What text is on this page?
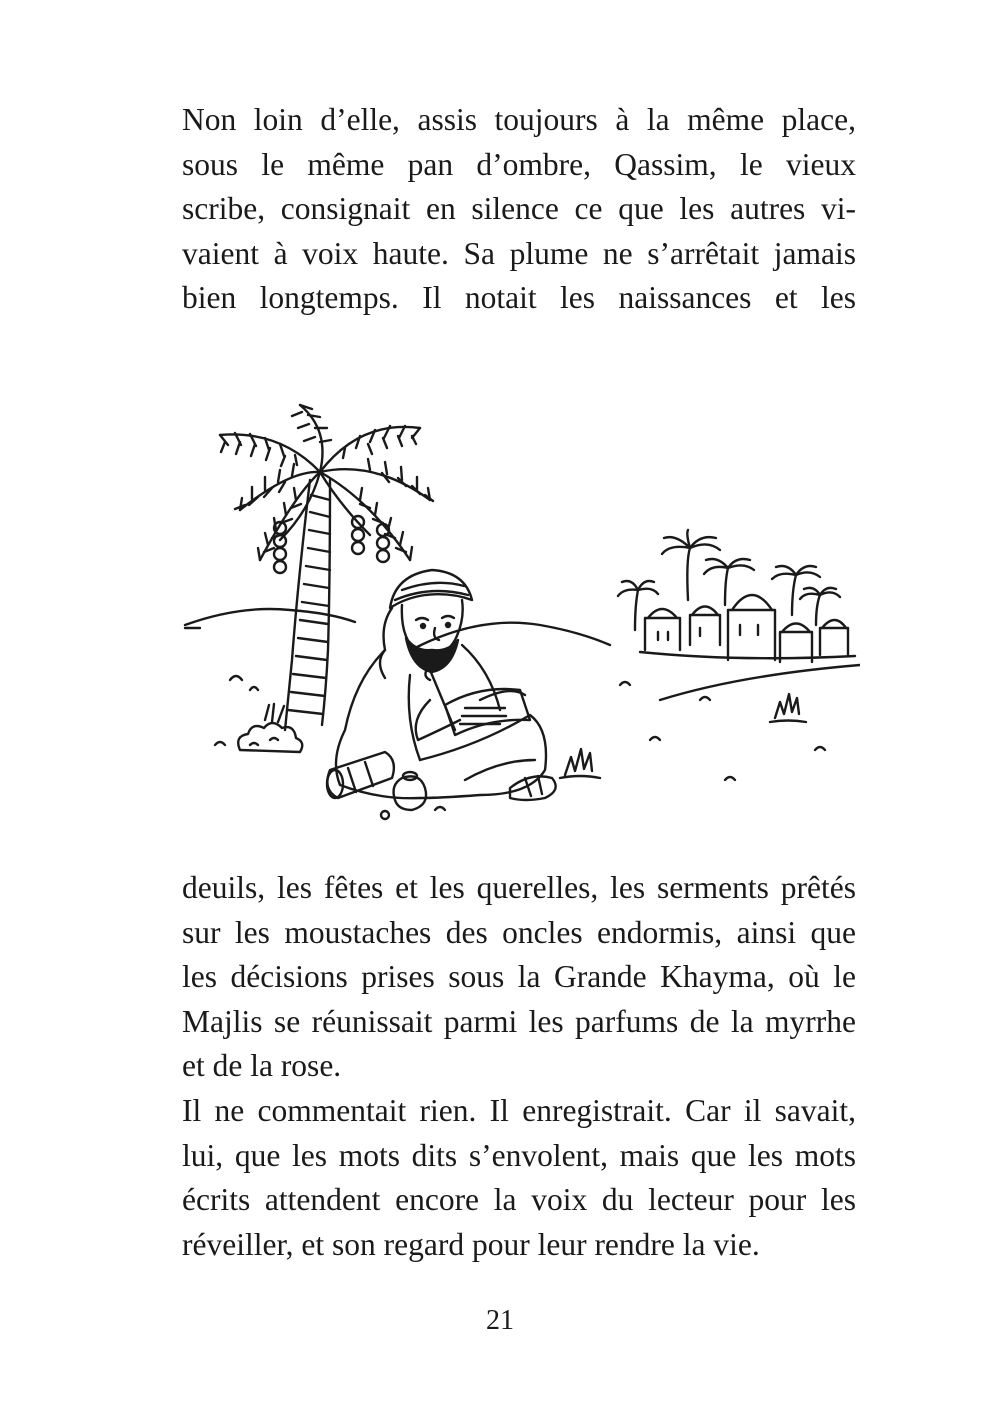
Non loin d’elle, assis toujours à la même place,
sous le même pan d’ombre, Qassim, le vieux
scribe, consignait en silence ce que les autres vi-
vaient à voix haute. Sa plume ne s’arrêtait jamais
bien longtemps. Il notait les naissances et les
deuils, les fêtes et les querelles, les serments prêtés
sur les moustaches des oncles endormis, ainsi que
les décisions prises sous la Grande Khayma, où le
Majlis se réunissait parmi les parfums de la myrrhe
et de la rose.
Il ne commentait rien. Il enregistrait. Car il savait,
lui, que les mots dits s’envolent, mais que les mots
écrits attendent encore la voix du lecteur pour les
réveiller, et son regard pour leur rendre la vie.
21
